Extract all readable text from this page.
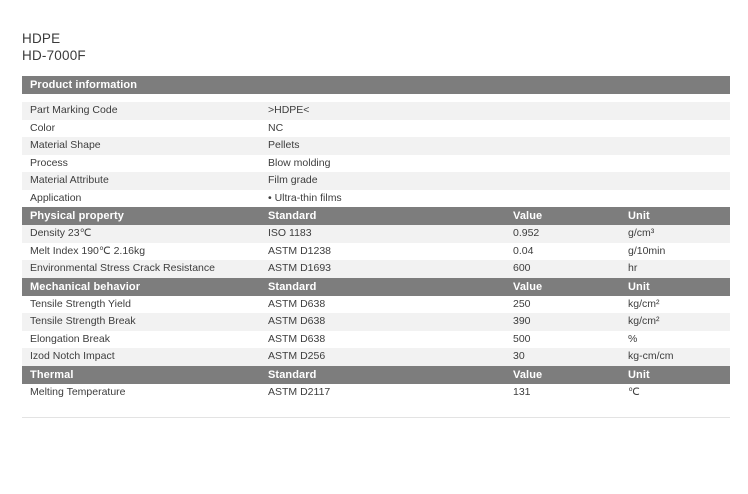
HDPE
HD-7000F
Product information			

Part Marking Code	>HDPE<		
Color	NC		
Material Shape	Pellets		
Process	Blow molding		
Material Attribute	Film grade		
Application	• Ultra-thin films		
Physical property	Standard	Value	Unit
Density 23℃	ISO 1183	0.952	g/cm³
Melt Index 190℃ 2.16kg	ASTM D1238	0.04	g/10min
Environmental Stress Crack Resistance	ASTM D1693	600	hr
Mechanical behavior	Standard	Value	Unit
Tensile Strength Yield	ASTM D638	250	kg/cm²
Tensile Strength Break	ASTM D638	390	kg/cm²
Elongation Break	ASTM D638	500	%
Izod Notch Impact	ASTM D256	30	kg-cm/cm
Thermal	Standard	Value	Unit
Melting Temperature	ASTM D2117	131	℃
